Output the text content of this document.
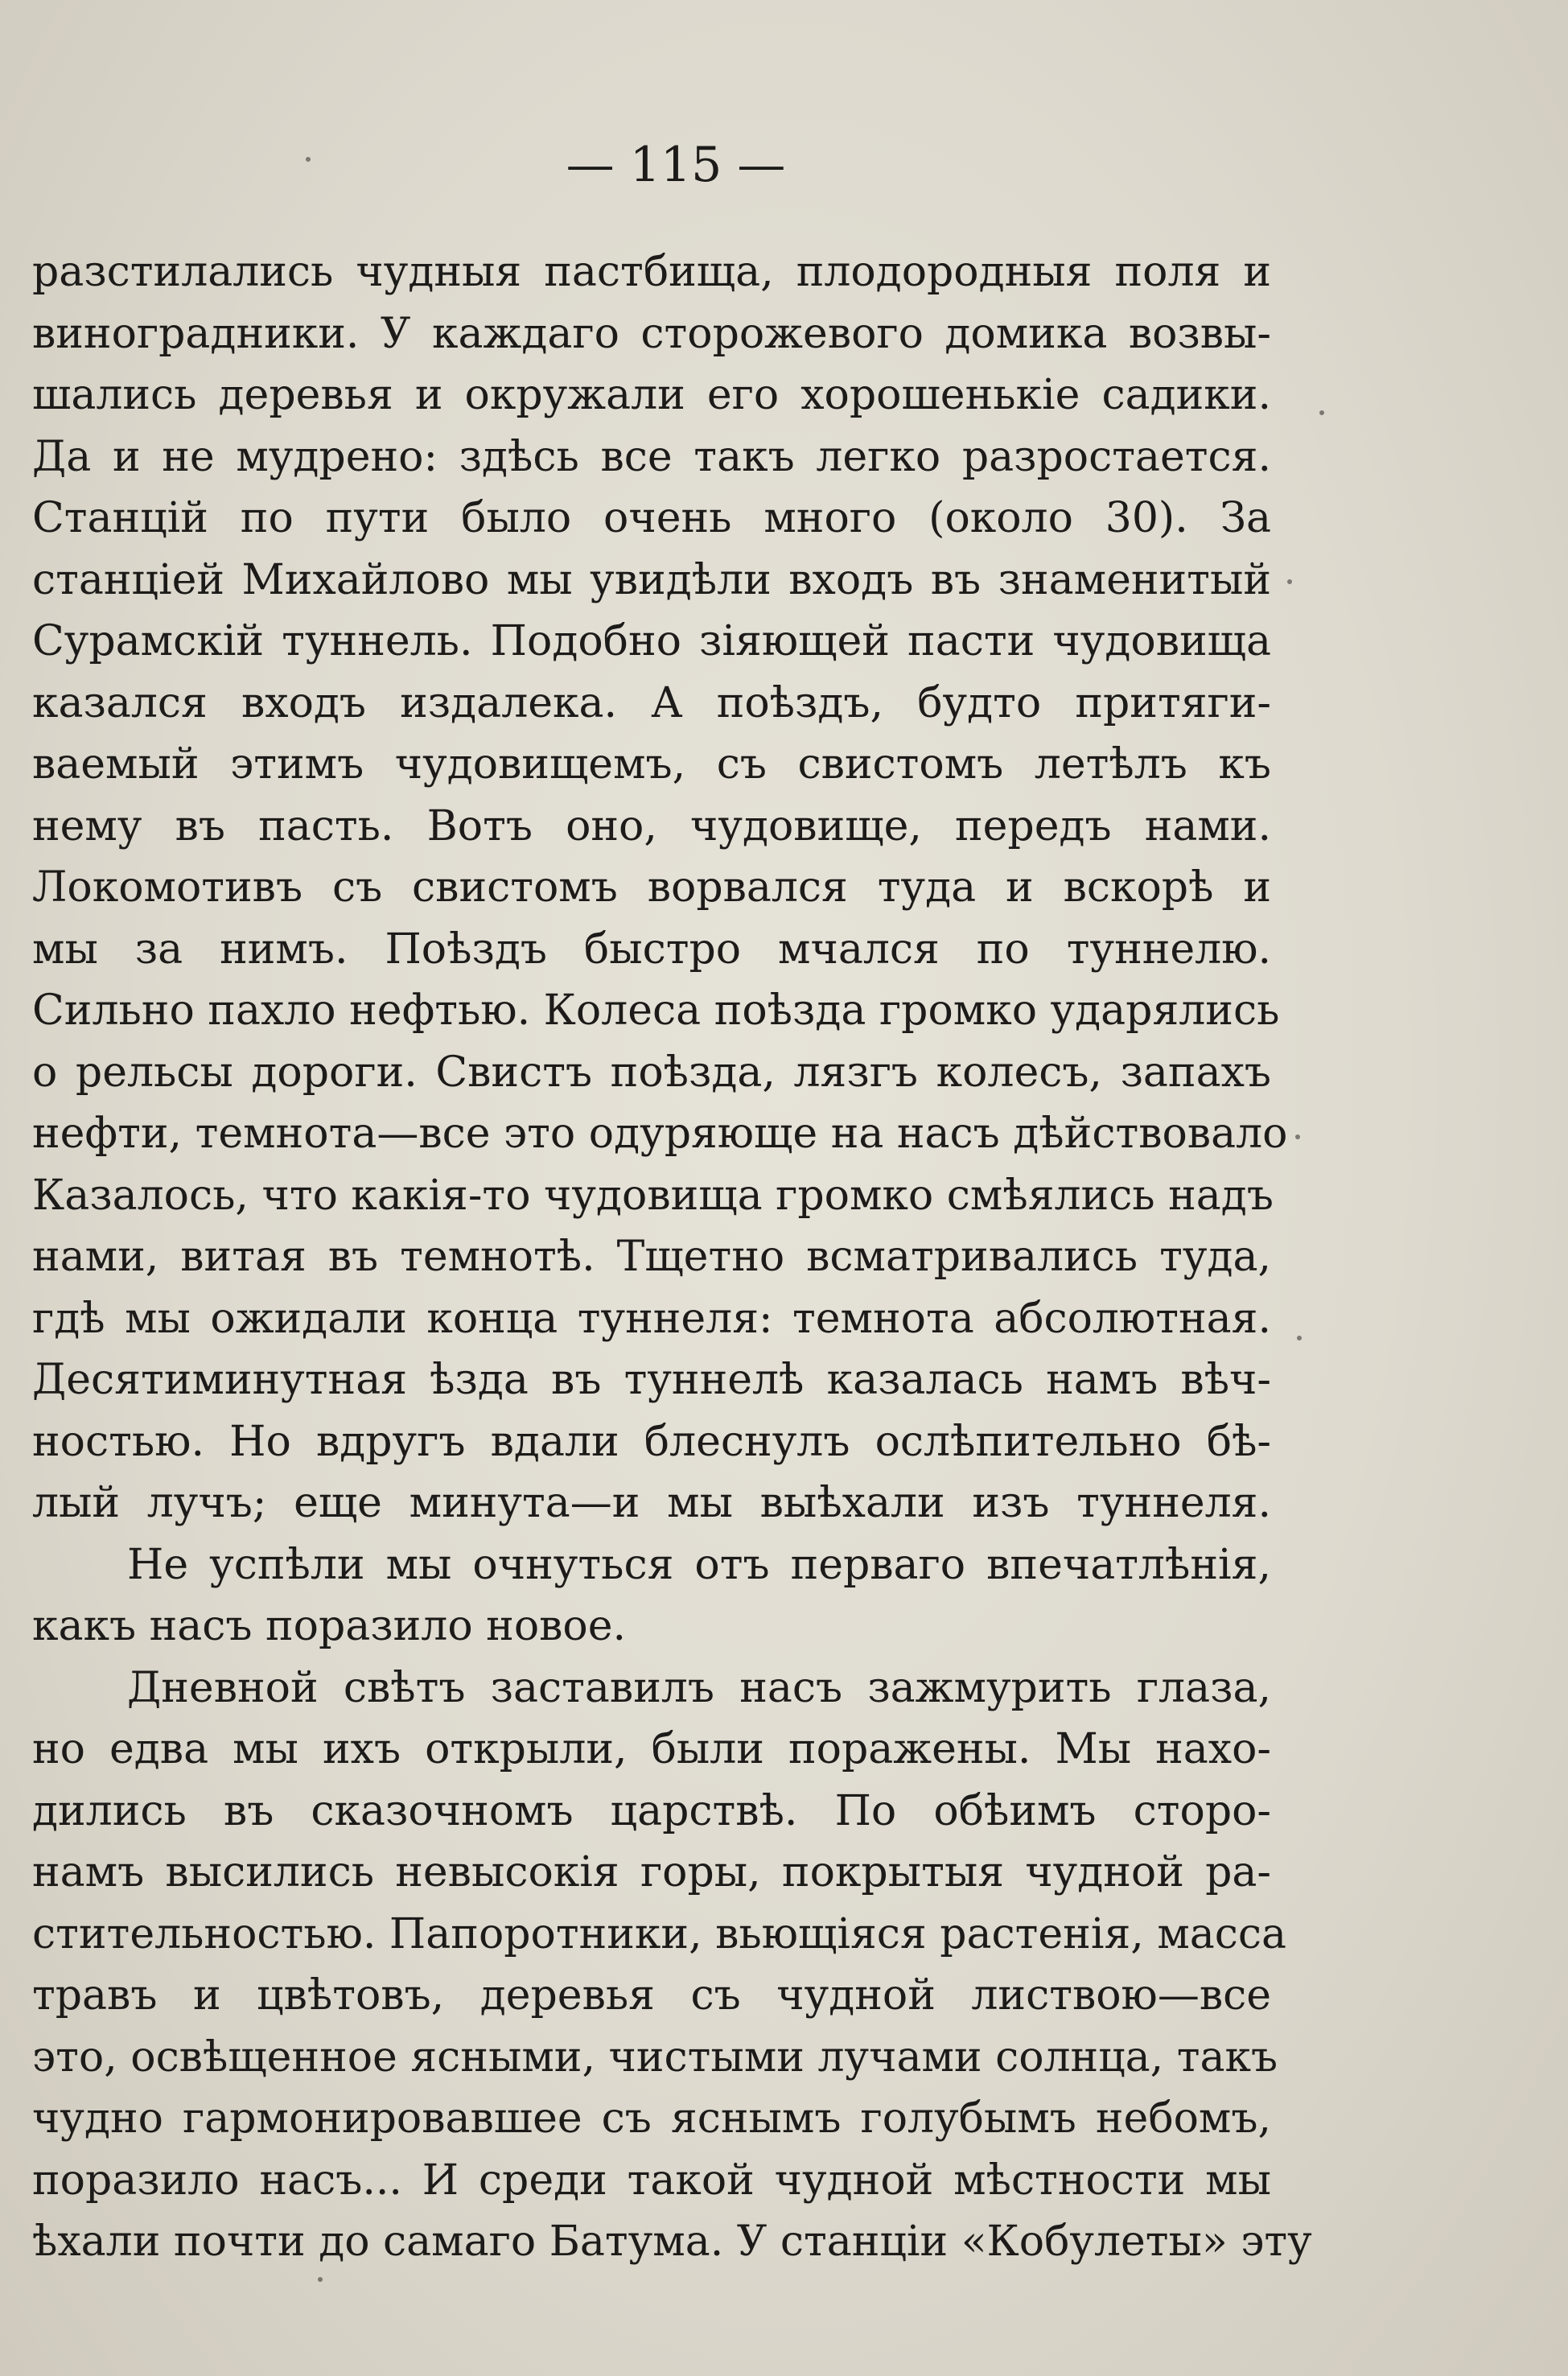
— 115 —
разстилались чудныя пастбища, плодородныя поля и
виноградники. У каждаго сторожевого домика возвы-
шались деревья и окружали его хорошенькіе садики.
Да и не мудрено: здѣсь все такъ легко разростается.
Станцій по пути было очень много (около 30). За
станціей Михайлово мы увидѣли входъ въ знаменитый
Сурамскій туннель. Подобно зіяющей пасти чудовища
казался входъ издалека. А поѣздъ, будто притяги-
ваемый этимъ чудовищемъ, съ свистомъ летѣлъ къ
нему въ пасть. Вотъ оно, чудовище, передъ нами.
Локомотивъ съ свистомъ ворвался туда и вскорѣ и
мы за нимъ. Поѣздъ быстро мчался по туннелю.
Сильно пахло нефтью. Колеса поѣзда громко ударялись
о рельсы дороги. Свистъ поѣзда, лязгъ колесъ, запахъ
нефти, темнота—все это одуряюще на насъ дѣйствовало
Казалось, что какія-то чудовища громко смѣялись надъ
нами, витая въ темнотѣ. Тщетно всматривались туда,
гдѣ мы ожидали конца туннеля: темнота абсолютная.
Десятиминутная ѣзда въ туннелѣ казалась намъ вѣч-
ностью. Но вдругъ вдали блеснулъ ослѣпительно бѣ-
лый лучъ; еще минута—и мы выѣхали изъ туннеля.
Не успѣли мы очнуться отъ перваго впечатлѣнія,
какъ насъ поразило новое.
Дневной свѣтъ заставилъ насъ зажмурить глаза,
но едва мы ихъ открыли, были поражены. Мы нахо-
дились въ сказочномъ царствѣ. По обѣимъ сторо-
намъ высились невысокія горы, покрытыя чудной ра-
стительностью. Папоротники, вьющіяся растенія, масса
травъ и цвѣтовъ, деревья съ чудной листвою—все
это, освѣщенное ясными, чистыми лучами солнца, такъ
чудно гармонировавшее съ яснымъ голубымъ небомъ,
поразило насъ... И среди такой чудной мѣстности мы
ѣхали почти до самаго Батума. У станціи «Кобулеты» эту
